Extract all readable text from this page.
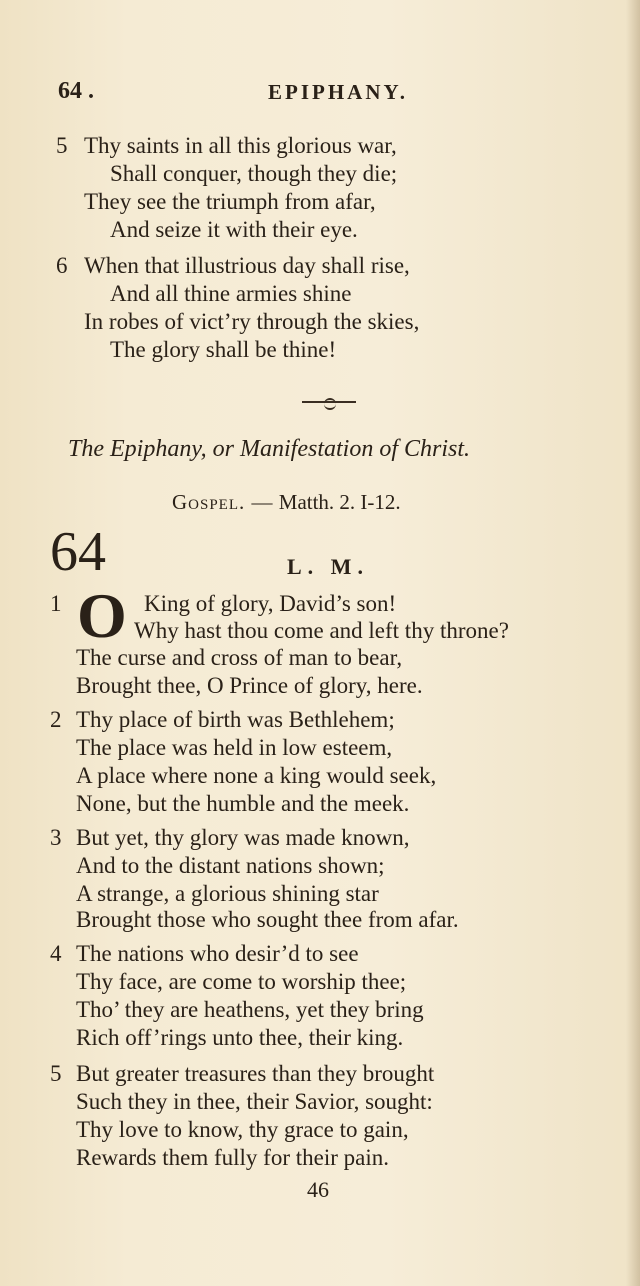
64 .	EPIPHANY.
5 Thy saints in all this glorious war,
Shall conquer, though they die;
They see the triumph from afar,
And seize it with their eye.
6 When that illustrious day shall rise,
And all thine armies shine
In robes of vict’ry through the skies,
The glory shall be thine!
The Epiphany, or Manifestation of Christ.
Gospel. — Matth. 2. I-12.
64	L. M.
1 O King of glory, David’s son!
Why hast thou come and left thy throne?
The curse and cross of man to bear,
Brought thee, O Prince of glory, here.
2 Thy place of birth was Bethlehem;
The place was held in low esteem,
A place where none a king would seek,
None, but the humble and the meek.
3 But yet, thy glory was made known,
And to the distant nations shown;
A strange, a glorious shining star
Brought those who sought thee from afar.
4 The nations who desir’d to see
Thy face, are come to worship thee;
Tho’ they are heathens, yet they bring
Rich off’rings unto thee, their king.
5 But greater treasures than they brought
Such they in thee, their Savior, sought:
Thy love to know, thy grace to gain,
Rewards them fully for their pain.
46
